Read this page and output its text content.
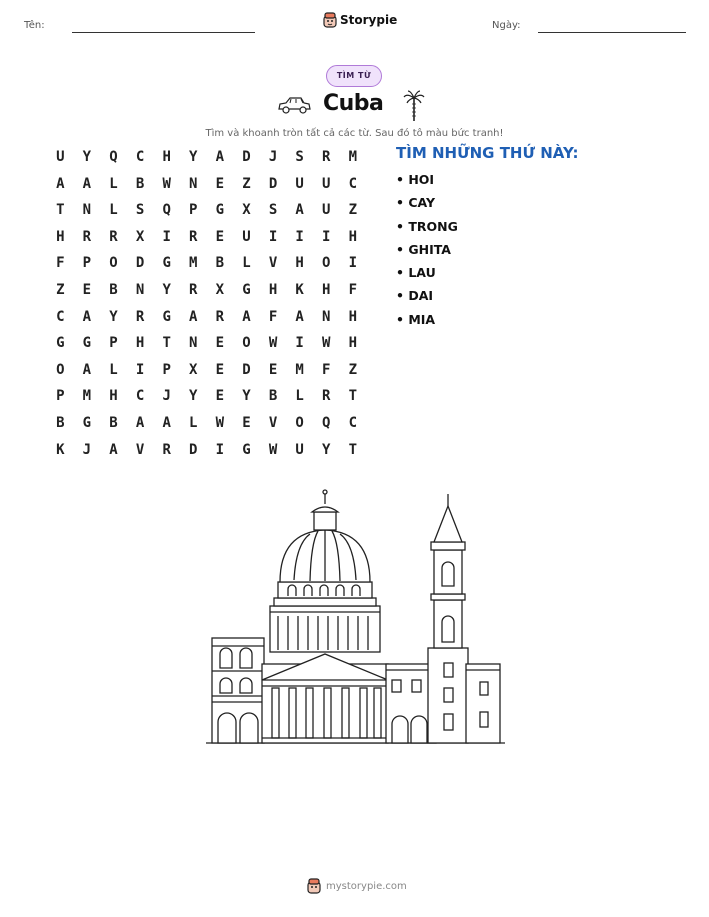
Tên:	Storypie	Ngày:
TÌM TỪ
Cuba
Tìm và khoanh tròn tất cả các từ. Sau đó tô màu bức tranh!
U	Y	Q	C	H	Y	A	D	J	S	R	M
A	A	L	B	W	N	E	Z	D	U	U	C
T	N	L	S	Q	P	G	X	S	A	U	Z
H	R	R	X	I	R	E	U	I	I	I	H
F	P	O	D	G	M	B	L	V	H	O	I
Z	E	B	N	Y	R	X	G	H	K	H	F
C	A	Y	R	G	A	R	A	F	A	N	H
G	G	P	H	T	N	E	O	W	I	W	H
O	A	L	I	P	X	E	D	E	M	F	Z
P	M	H	C	J	Y	E	Y	B	L	R	T
B	G	B	A	A	L	W	E	V	O	Q	C
K	J	A	V	R	D	I	G	W	U	Y	T
TÌM NHỮNG THỨ NÀY:
• HOI
• CAY
• TRONG
• GHITA
• LAU
• DAI
• MIA
mystorypie.com
